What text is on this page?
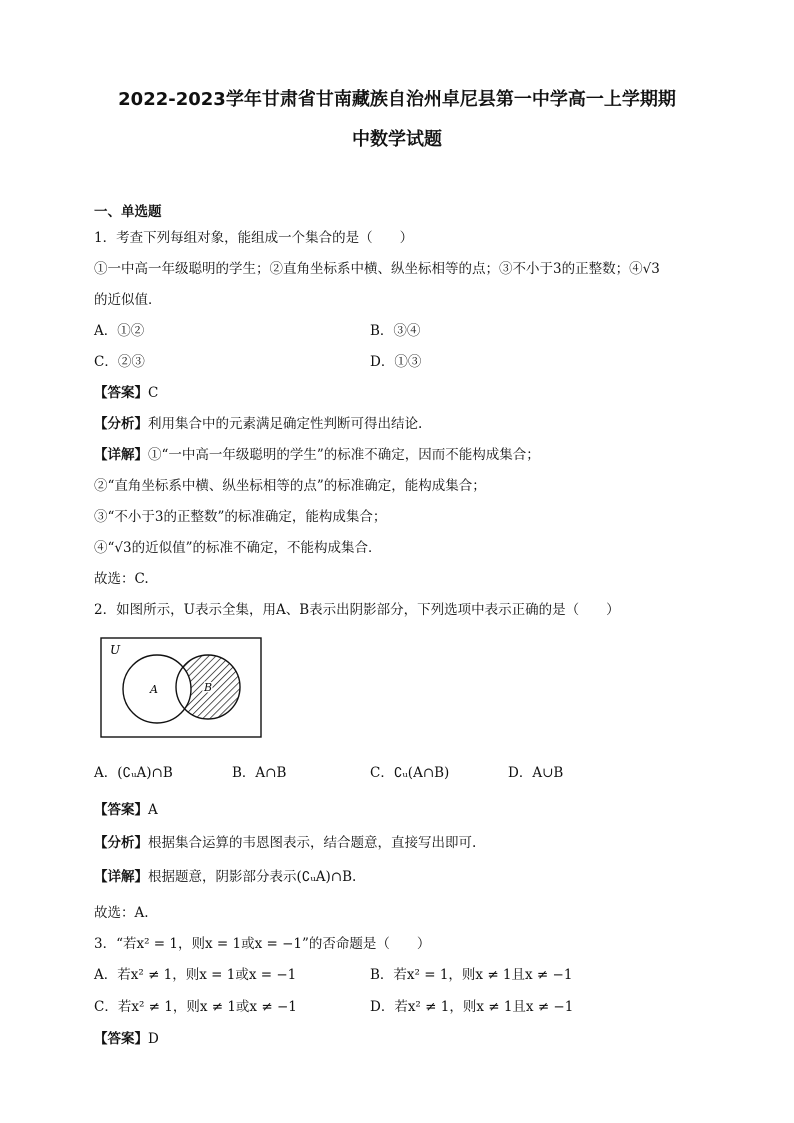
2022-2023学年甘肃省甘南藏族自治州卓尼县第一中学高一上学期期
中数学试题
一、单选题
1．考查下列每组对象，能组成一个集合的是（　　）
①一中高一年级聪明的学生；②直角坐标系中横、纵坐标相等的点；③不小于3的正整数；④√3
的近似值．
A．①②	B．③④
C．②③	D．①③
【答案】C
【分析】利用集合中的元素满足确定性判断可得出结论.
【详解】①“一中高一年级聪明的学生”的标准不确定，因而不能构成集合；
②“直角坐标系中横、纵坐标相等的点”的标准确定，能构成集合；
③“不小于3的正整数”的标准确定，能构成集合；
④“√3的近似值”的标准不确定，不能构成集合．
故选：C.
2．如图所示，U表示全集，用A、B表示出阴影部分，下列选项中表示正确的是（　　）
U
A	B
A．(∁ᵤA)∩B	B．A∩B	C．∁ᵤ(A∩B)	D．A∪B
【答案】A
【分析】根据集合运算的韦恩图表示，结合题意，直接写出即可.
【详解】根据题意，阴影部分表示(∁ᵤA)∩B.
故选：A.
3．“若x² = 1，则x = 1或x = −1”的否命题是（　　）
A．若x² ≠ 1，则x = 1或x = −1	B．若x² = 1，则x ≠ 1且x ≠ −1
C．若x² ≠ 1，则x ≠ 1或x ≠ −1	D．若x² ≠ 1，则x ≠ 1且x ≠ −1
【答案】D
